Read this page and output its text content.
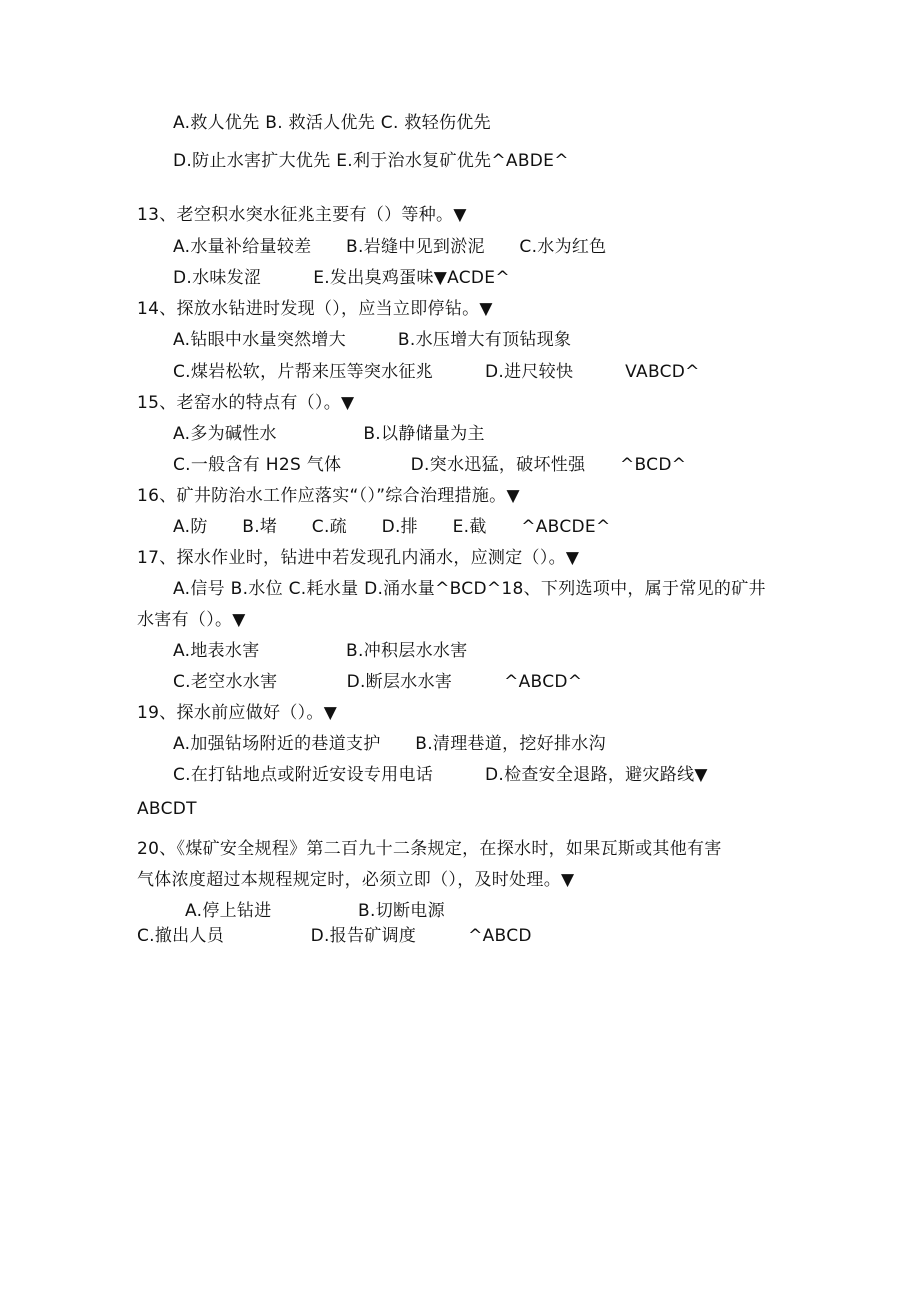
A.救人优先 B. 救活人优先 C. 救轻伤优先
D.防止水害扩大优先 E.利于治水复矿优先^ABDE^
13、老空积水突水征兆主要有（）等种。▼
A.水量补给量较差　　B.岩缝中见到淤泥　　C.水为红色
D.水味发涩　　　E.发出臭鸡蛋味▼ACDE^
14、探放水钻进时发现（），应当立即停钻。▼
A.钻眼中水量突然增大　　　B.水压增大有顶钻现象
C.煤岩松软，片帮来压等突水征兆　　　D.进尺较快　　　VABCD^
15、老窑水的特点有（）。▼
A.多为碱性水　　　　　B.以静储量为主
C.一般含有 H2S 气体　　　　D.突水迅猛，破坏性强　　^BCD^
16、矿井防治水工作应落实“（）”综合治理措施。▼
A.防　　B.堵　　C.疏　　D.排　　E.截　　^ABCDE^
17、探水作业时，钻进中若发现孔内涌水，应测定（）。▼
A.信号 B.水位 C.耗水量 D.涌水量^BCD^18、下列选项中，属于常见的矿井
水害有（）。▼
A.地表水害　　　　　B.冲积层水水害
C.老空水水害　　　　D.断层水水害　　　^ABCD^
19、探水前应做好（）。▼
A.加强钻场附近的巷道支护　　B.清理巷道，挖好排水沟
C.在打钻地点或附近安设专用电话　　　D.检查安全退路，避灾路线▼
ABCDT
20、《煤矿安全规程》第二百九十二条规定，在探水时，如果瓦斯或其他有害
气体浓度超过本规程规定时，必须立即（），及时处理。▼
A.停上钻进　　　　　B.切断电源
C.撤出人员　　　　　D.报告矿调度　　　^ABCD
